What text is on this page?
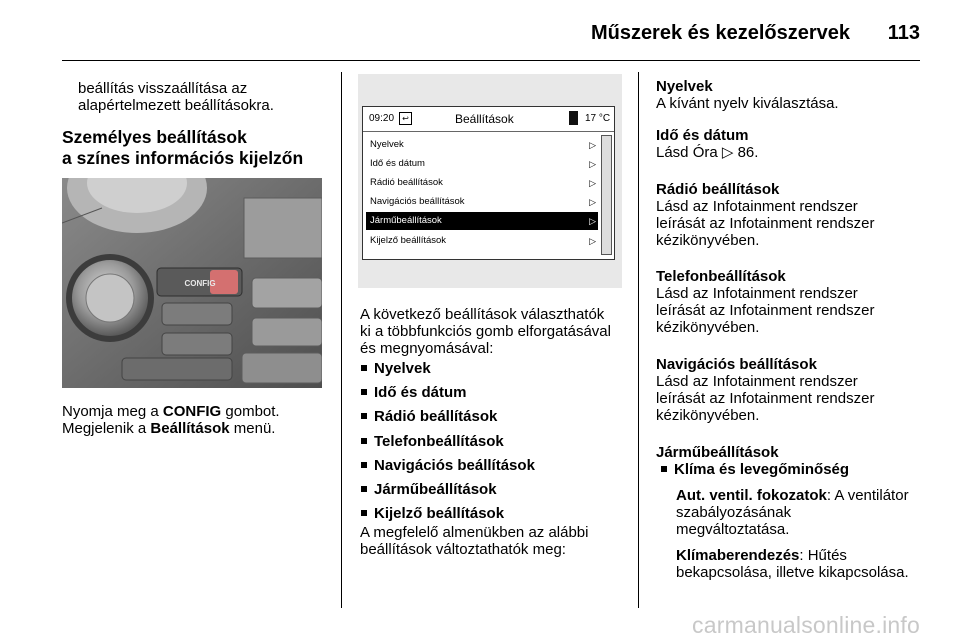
Műszerek és kezelőszervek	113
beállítás visszaállítása az
alapértelmezett beállításokra.
Személyes beállítások
a színes információs kijelzőn
CONFIG
Nyomja meg a CONFIG gombot.
Megjelenik a Beállítások menü.
09:20	↩	Beállítások	17 °C
Nyelvek	▷
Idő és dátum	▷
Rádió beállítások	▷
Navigációs beállítások	▷
Járműbeállítások	▷
Kijelző beállítások	▷
A következő beállítások választhatók
ki a többfunkciós gomb elforgatásával
és megnyomásával:
Nyelvek
Idő és dátum
Rádió beállítások
Telefonbeállítások
Navigációs beállítások
Járműbeállítások
Kijelző beállítások
A megfelelő almenükben az alábbi
beállítások változtathatók meg:
Nyelvek
A kívánt nyelv kiválasztása.
Idő és dátum
Lásd Óra ▷ 86.
Rádió beállítások
Lásd az Infotainment rendszer
leírását az Infotainment rendszer
kézikönyvében.
Telefonbeállítások
Lásd az Infotainment rendszer
leírását az Infotainment rendszer
kézikönyvében.
Navigációs beállítások
Lásd az Infotainment rendszer
leírását az Infotainment rendszer
kézikönyvében.
Járműbeállítások
Klíma és levegőminőség
Aut. ventil. fokozatok: A ventilátor
szabályozásának
megváltoztatása.
Klímaberendezés: Hűtés
bekapcsolása, illetve kikapcsolása.
carmanualsonline.info
